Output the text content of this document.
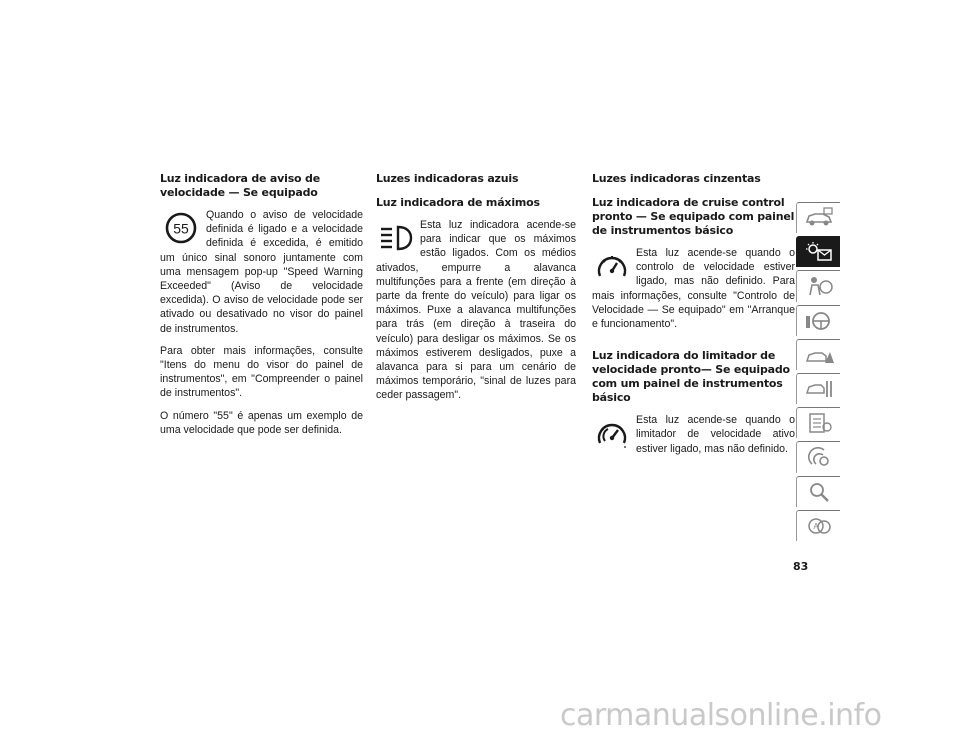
Luz indicadora de aviso de velocidade — Se equipado
55

Quando o aviso de velocidade definida é ligado e a velocidade definida é excedida, é emitido um único sinal sonoro juntamente com uma mensagem pop-up "Speed Warning Exceeded" (Aviso de velocidade excedida). O aviso de velocidade pode ser ativado ou desativado no visor do painel de instrumentos.

Para obter mais informações, consulte "Itens do menu do visor do painel de instrumentos", em "Compreender o painel de instrumentos".

O número "55" é apenas um exemplo de uma velocidade que pode ser definida.

Luzes indicadoras azuis
Luz indicadora de máximos

Esta luz indicadora acende-se para indicar que os máximos estão ligados. Com os médios ativados, empurre a alavanca multifunções para a frente (em direção à parte da frente do veículo) para ligar os máximos. Puxe a alavanca multifunções para trás (em direção à traseira do veículo) para desligar os máximos. Se os máximos estiverem desligados, puxe a alavanca para si para um cenário de máximos temporário, "sinal de luzes para ceder passagem".

Luzes indicadoras cinzentas
Luz indicadora de cruise control pronto — Se equipado com painel de instrumentos básico

Esta luz acende-se quando o controlo de velocidade estiver ligado, mas não definido. Para mais informações, consulte "Controlo de Velocidade — Se equipado" em "Arranque e funcionamento".

Luz indicadora do limitador de velocidade pronto— Se equipado com um painel de instrumentos básico

Esta luz acende-se quando o limitador de velocidade ativo estiver ligado, mas não definido.

A
83
carmanualsonline.info
